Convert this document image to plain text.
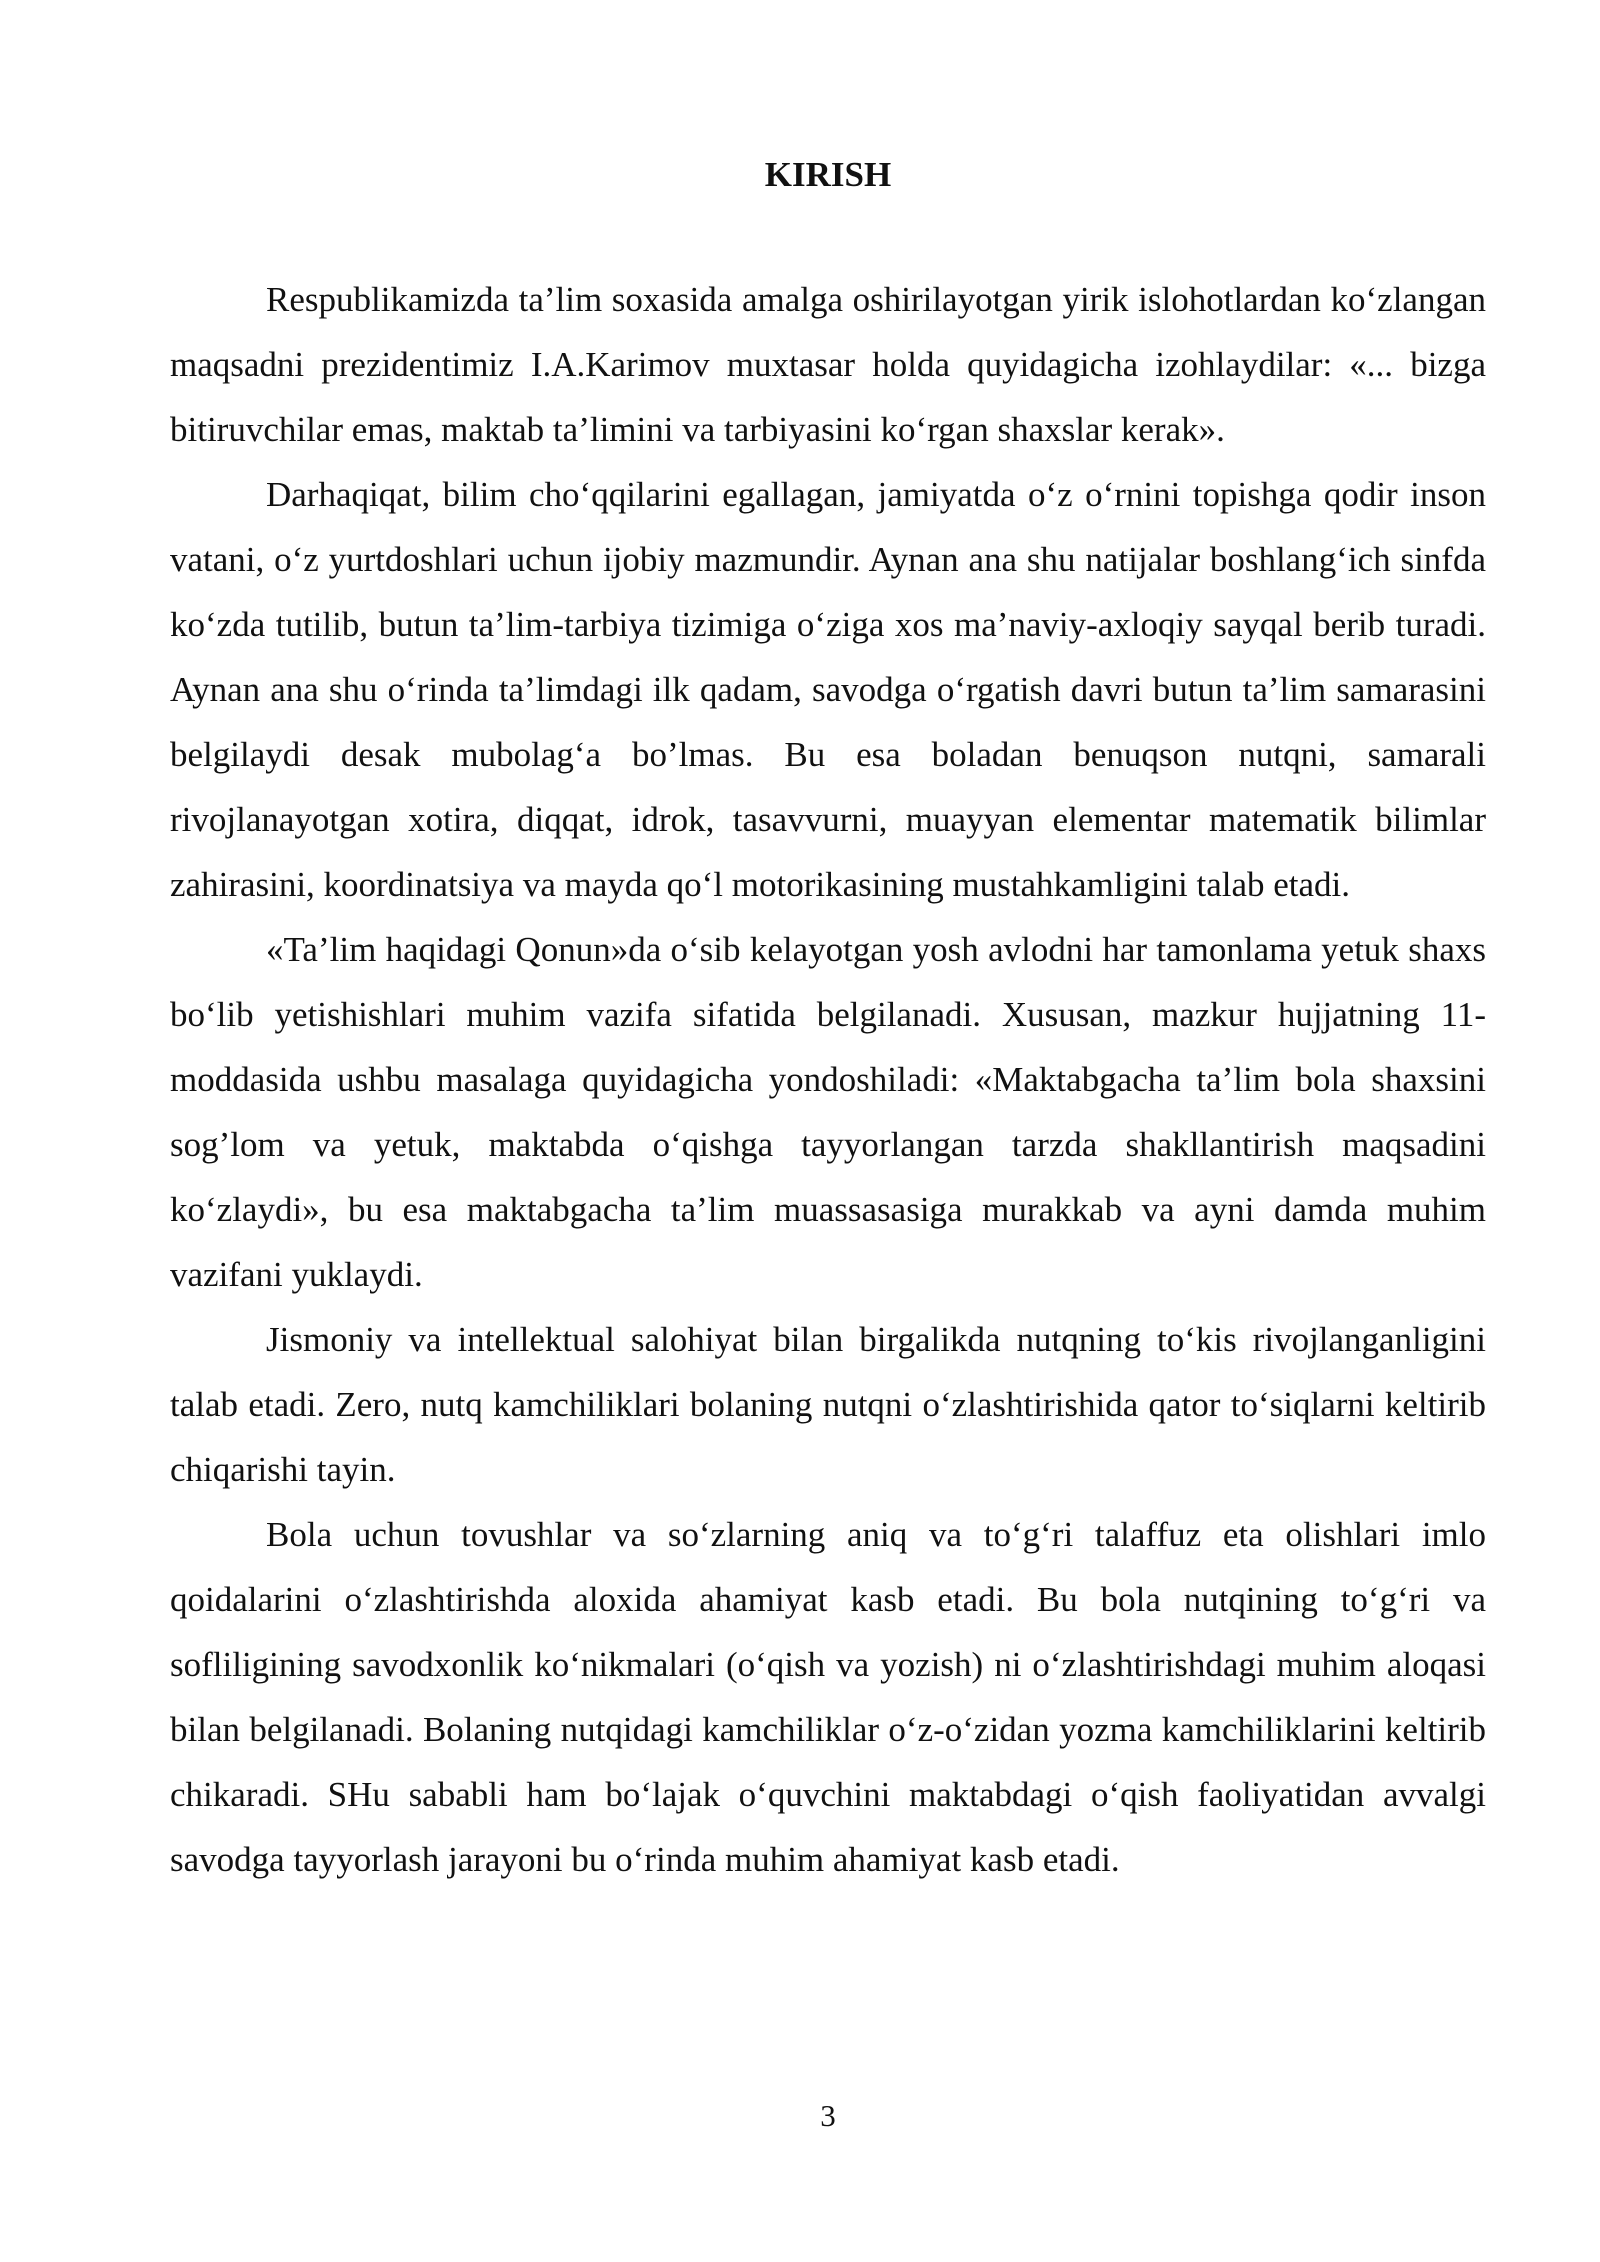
KIRISH

Respublikamizda ta’lim soxasida amalga oshirilayotgan yirik islohotlardan ko‘zlangan maqsadni prezidentimiz I.A.Karimov muxtasar holda quyidagicha izohlaydilar: «... bizga bitiruvchilar emas, maktab ta’limini va tarbiyasini ko‘rgan shaxslar kerak».

Darhaqiqat, bilim cho‘qqilarini egallagan, jamiyatda o‘z o‘rnini topishga qodir inson vatani, o‘z yurtdoshlari uchun ijobiy mazmundir. Aynan ana shu natijalar boshlang‘ich sinfda ko‘zda tutilib, butun ta’lim-tarbiya tizimiga o‘ziga xos ma’naviy-axloqiy sayqal berib turadi. Aynan ana shu o‘rinda ta’limdagi ilk qadam, savodga o‘rgatish davri butun ta’lim samarasini belgilaydi desak mubolag‘a bo’lmas. Bu esa boladan benuqson nutqni, samarali rivojlanayotgan xotira, diqqat, idrok, tasavvurni, muayyan elementar matematik bilimlar zahirasini, koordinatsiya va mayda qo‘l motorikasining mustahkamligini talab etadi.

«Ta’lim haqidagi Qonun»da o‘sib kelayotgan yosh avlodni har tamonlama yetuk shaxs bo‘lib yetishishlari muhim vazifa sifatida belgilanadi. Xususan, mazkur hujjatning 11-moddasida ushbu masalaga quyidagicha yondoshiladi: «Maktabgacha ta’lim bola shaxsini sog’lom va yetuk, maktabda o‘qishga tayyorlangan tarzda shakllantirish maqsadini ko‘zlaydi», bu esa maktabgacha ta’lim muassasasiga murakkab va ayni damda muhim vazifani yuklaydi.

Jismoniy va intellektual salohiyat bilan birgalikda nutqning to‘kis rivojlanganligini talab etadi. Zero, nutq kamchiliklari bolaning nutqni o‘zlashtirishida qator to‘siqlarni keltirib chiqarishi tayin.

Bola uchun tovushlar va so‘zlarning aniq va to‘g‘ri talaffuz eta olishlari imlo qoidalarini o‘zlashtirishda aloxida ahamiyat kasb etadi. Bu bola nutqining to‘g‘ri va sofliligining savodxonlik ko‘nikmalari (o‘qish va yozish) ni o‘zlashtirishdagi muhim aloqasi bilan belgilanadi. Bolaning nutqidagi kamchiliklar o‘z-o‘zidan yozma kamchiliklarini keltirib chikaradi. SHu sababli ham bo‘lajak o‘quvchini maktabdagi o‘qish faoliyatidan avvalgi savodga tayyorlash jarayoni bu o‘rinda muhim ahamiyat kasb etadi.

3
